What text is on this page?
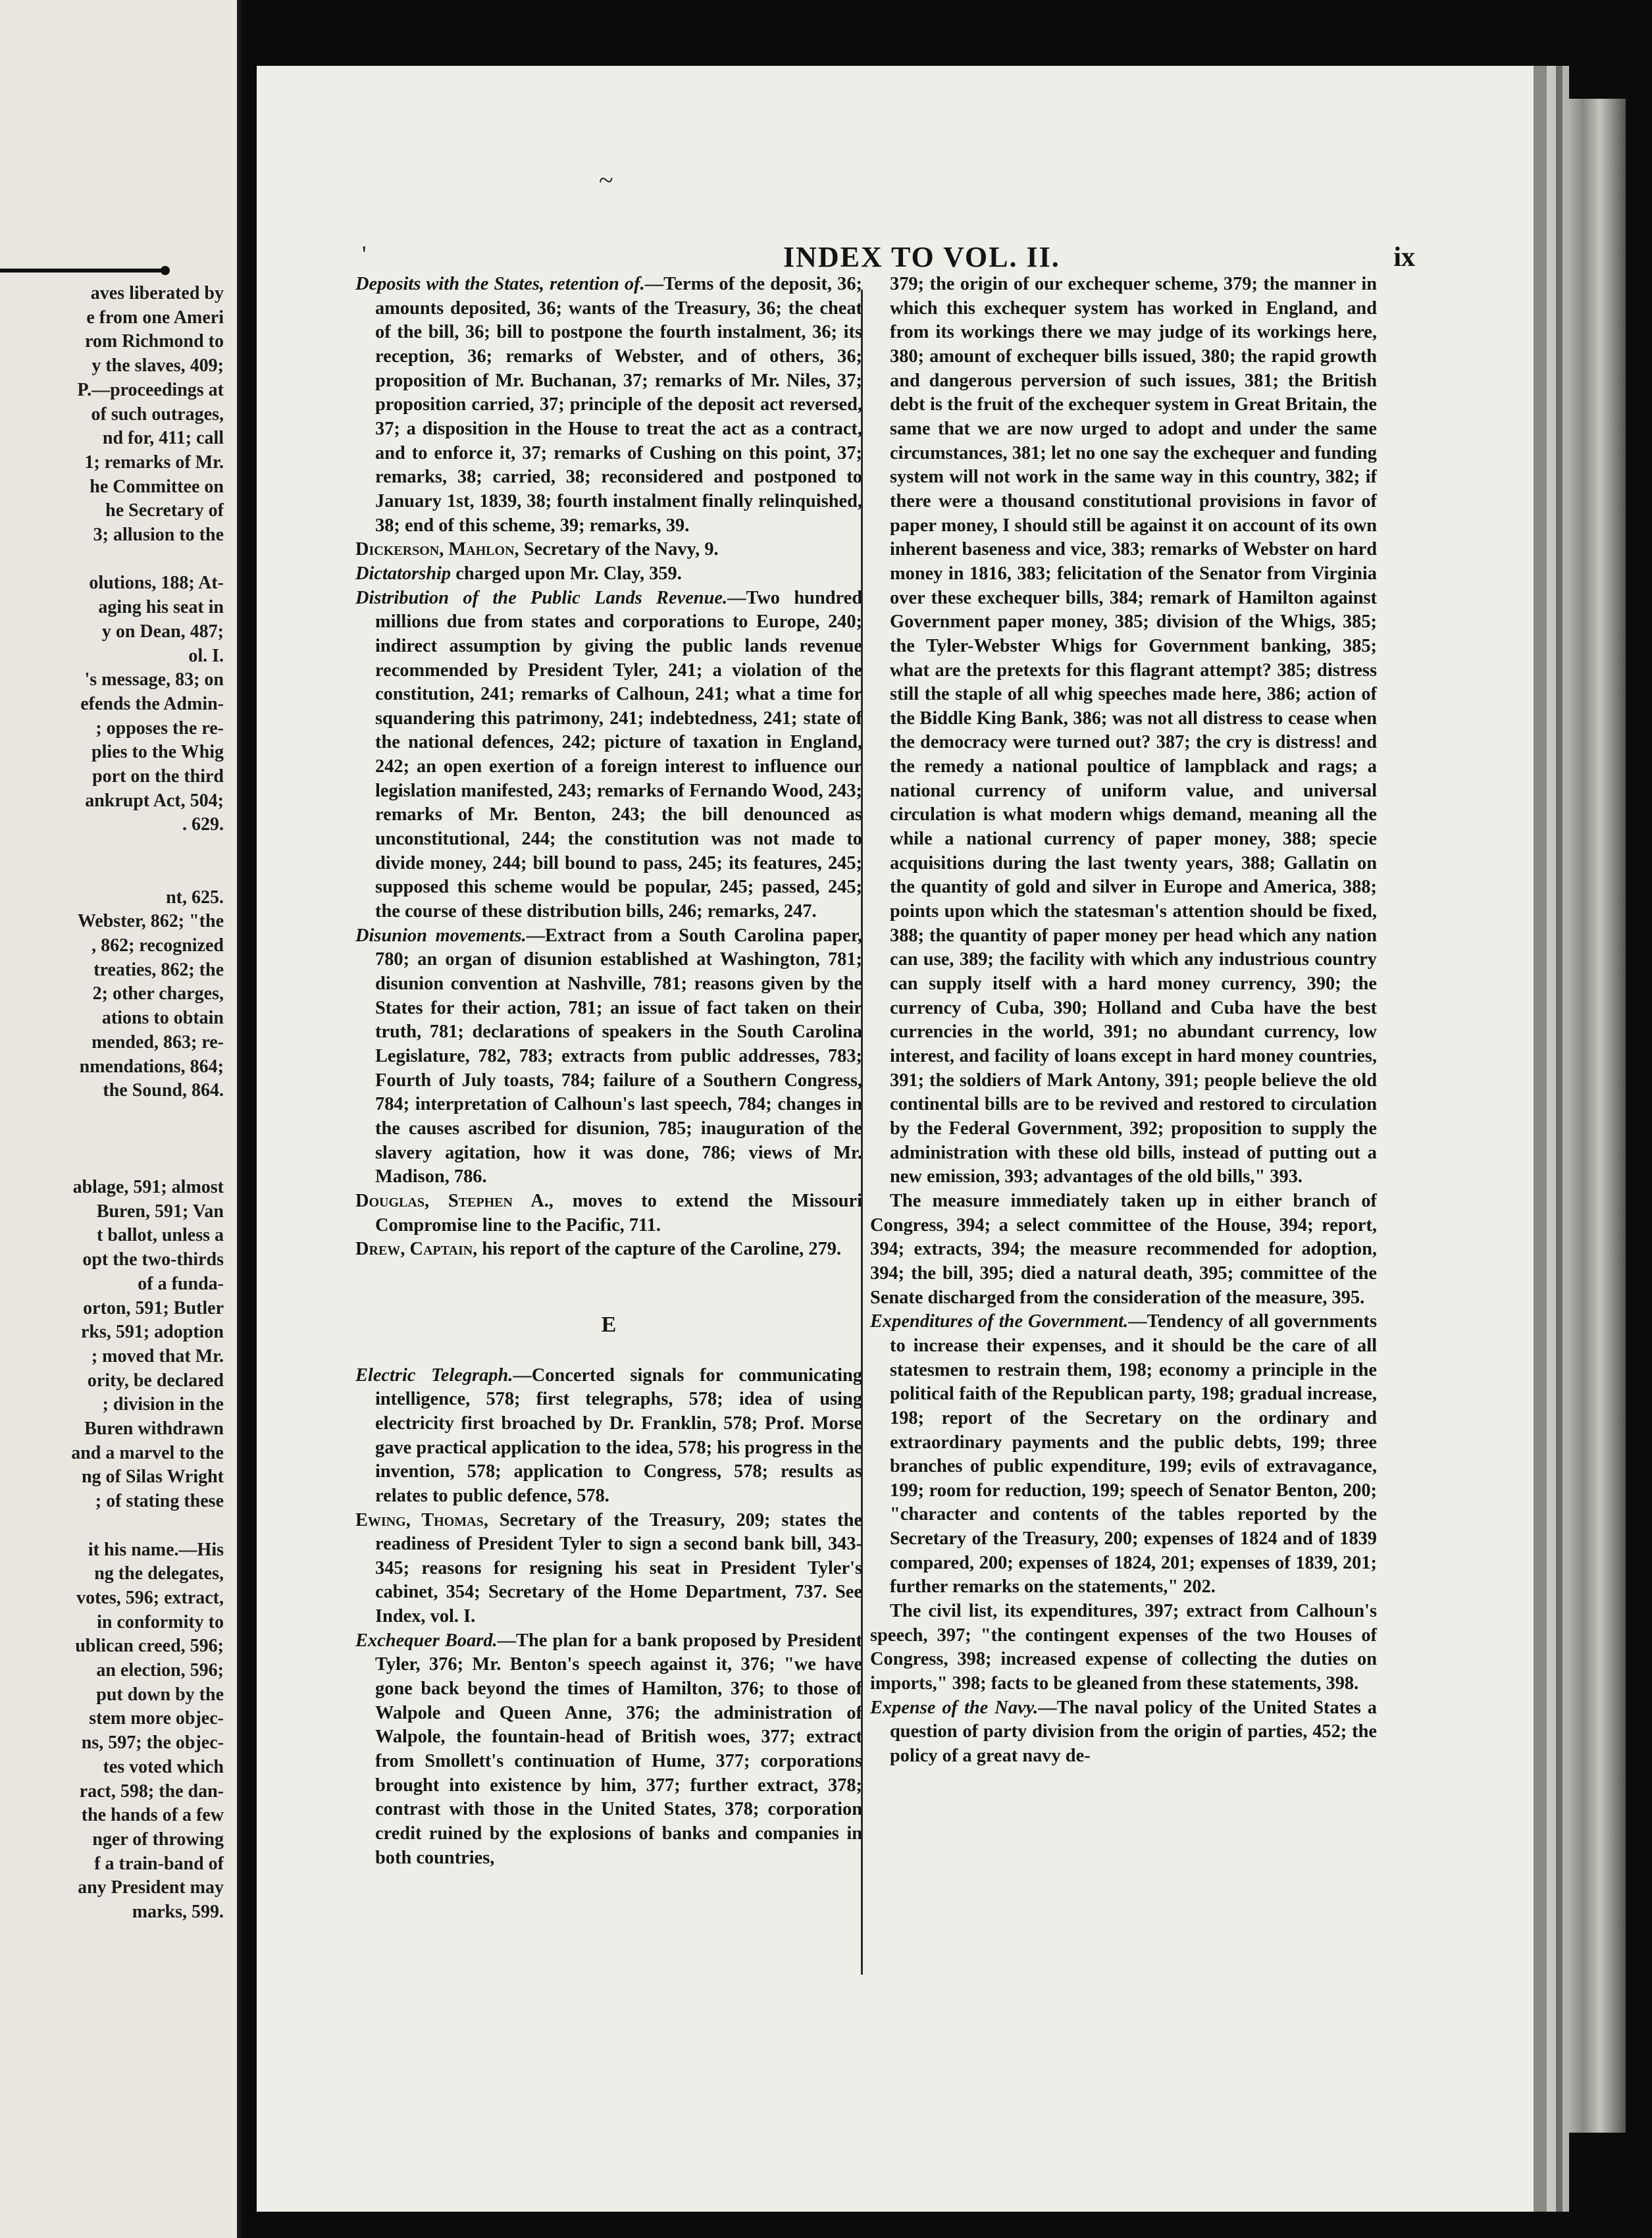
aves liberated by
e from one Ameri
rom Richmond to
y the slaves, 409;
P.—proceedings at
of such outrages,
nd for, 411; call
1; remarks of Mr.
he Committee on
he Secretary of
3; allusion to the

olutions, 188; At-
aging his seat in
y on Dean, 487;
ol. I.
's message, 83; on
efends the Admin-
; opposes the re-
plies to the Whig
port on the third
ankrupt Act, 504;
. 629.

nt, 625.
Webster, 862; "the
, 862; recognized
treaties, 862; the
2; other charges,
ations to obtain
mended, 863; re-
nmendations, 864;
the Sound, 864.

ablage, 591; almost
Buren, 591; Van
t ballot, unless a
opt the two-thirds
of a funda-
orton, 591; Butler
rks, 591; adoption
; moved that Mr.
ority, be declared
; division in the
Buren withdrawn
and a marvel to the
ng of Silas Wright
; of stating these

it his name.—His
ng the delegates,
votes, 596; extract,
in conformity to
ublican creed, 596;
an election, 596;
put down by the
stem more objec-
ns, 597; the objec-
tes voted which
ract, 598; the dan-
the hands of a few
nger of throwing
f a train-band of
any President may
marks, 599.
~
'	INDEX TO VOL. II.	ix

Deposits with the States, retention of.—Terms of the deposit, 36; amounts deposited, 36; wants of the Treasury, 36; the cheat of the bill, 36; bill to postpone the fourth instalment, 36; its reception, 36; remarks of Webster, and of others, 36; proposition of Mr. Buchanan, 37; remarks of Mr. Niles, 37; proposition carried, 37; principle of the deposit act reversed, 37; a disposition in the House to treat the act as a contract, and to enforce it, 37; remarks of Cushing on this point, 37; remarks, 38; carried, 38; reconsidered and postponed to January 1st, 1839, 38; fourth instalment finally relinquished, 38; end of this scheme, 39; remarks, 39.

Dickerson, Mahlon, Secretary of the Navy, 9.

Dictatorship charged upon Mr. Clay, 359.

Distribution of the Public Lands Revenue.—Two hundred millions due from states and corporations to Europe, 240; indirect assumption by giving the public lands revenue recommended by President Tyler, 241; a violation of the constitution, 241; remarks of Calhoun, 241; what a time for squandering this patrimony, 241; indebtedness, 241; state of the national defences, 242; picture of taxation in England, 242; an open exertion of a foreign interest to influence our legislation manifested, 243; remarks of Fernando Wood, 243; remarks of Mr. Benton, 243; the bill denounced as unconstitutional, 244; the constitution was not made to divide money, 244; bill bound to pass, 245; its features, 245; supposed this scheme would be popular, 245; passed, 245; the course of these distribution bills, 246; remarks, 247.

Disunion movements.—Extract from a South Carolina paper, 780; an organ of disunion established at Washington, 781; disunion convention at Nashville, 781; reasons given by the States for their action, 781; an issue of fact taken on their truth, 781; declarations of speakers in the South Carolina Legislature, 782, 783; extracts from public addresses, 783; Fourth of July toasts, 784; failure of a Southern Congress, 784; interpretation of Calhoun's last speech, 784; changes in the causes ascribed for disunion, 785; inauguration of the slavery agitation, how it was done, 786; views of Mr. Madison, 786.

Douglas, Stephen A., moves to extend the Missouri Compromise line to the Pacific, 711.

Drew, Captain, his report of the capture of the Caroline, 279.

E

Electric Telegraph.—Concerted signals for communicating intelligence, 578; first telegraphs, 578; idea of using electricity first broached by Dr. Franklin, 578; Prof. Morse gave practical application to the idea, 578; his progress in the invention, 578; application to Congress, 578; results as relates to public defence, 578.

Ewing, Thomas, Secretary of the Treasury, 209; states the readiness of President Tyler to sign a second bank bill, 343-345; reasons for resigning his seat in President Tyler's cabinet, 354; Secretary of the Home Department, 737. See Index, vol. I.

Exchequer Board.—The plan for a bank proposed by President Tyler, 376; Mr. Benton's speech against it, 376; "we have gone back beyond the times of Hamilton, 376; to those of Walpole and Queen Anne, 376; the administration of Walpole, the fountain-head of British woes, 377; extract from Smollett's continuation of Hume, 377; corporations brought into existence by him, 377; further extract, 378; contrast with those in the United States, 378; corporation credit ruined by the explosions of banks and companies in both countries,

379; the origin of our exchequer scheme, 379; the manner in which this exchequer system has worked in England, and from its workings there we may judge of its workings here, 380; amount of exchequer bills issued, 380; the rapid growth and dangerous perversion of such issues, 381; the British debt is the fruit of the exchequer system in Great Britain, the same that we are now urged to adopt and under the same circumstances, 381; let no one say the exchequer and funding system will not work in the same way in this country, 382; if there were a thousand constitutional provisions in favor of paper money, I should still be against it on account of its own inherent baseness and vice, 383; remarks of Webster on hard money in 1816, 383; felicitation of the Senator from Virginia over these exchequer bills, 384; remark of Hamilton against Government paper money, 385; division of the Whigs, 385; the Tyler-Webster Whigs for Government banking, 385; what are the pretexts for this flagrant attempt? 385; distress still the staple of all whig speeches made here, 386; action of the Biddle King Bank, 386; was not all distress to cease when the democracy were turned out? 387; the cry is distress! and the remedy a national poultice of lampblack and rags; a national currency of uniform value, and universal circulation is what modern whigs demand, meaning all the while a national currency of paper money, 388; specie acquisitions during the last twenty years, 388; Gallatin on the quantity of gold and silver in Europe and America, 388; points upon which the statesman's attention should be fixed, 388; the quantity of paper money per head which any nation can use, 389; the facility with which any industrious country can supply itself with a hard money currency, 390; the currency of Cuba, 390; Holland and Cuba have the best currencies in the world, 391; no abundant currency, low interest, and facility of loans except in hard money countries, 391; the soldiers of Mark Antony, 391; people believe the old continental bills are to be revived and restored to circulation by the Federal Government, 392; proposition to supply the administration with these old bills, instead of putting out a new emission, 393; advantages of the old bills," 393.

The measure immediately taken up in either branch of Congress, 394; a select committee of the House, 394; report, 394; extracts, 394; the measure recommended for adoption, 394; the bill, 395; died a natural death, 395; committee of the Senate discharged from the consideration of the measure, 395.

Expenditures of the Government.—Tendency of all governments to increase their expenses, and it should be the care of all statesmen to restrain them, 198; economy a principle in the political faith of the Republican party, 198; gradual increase, 198; report of the Secretary on the ordinary and extraordinary payments and the public debts, 199; three branches of public expenditure, 199; evils of extravagance, 199; room for reduction, 199; speech of Senator Benton, 200; "character and contents of the tables reported by the Secretary of the Treasury, 200; expenses of 1824 and of 1839 compared, 200; expenses of 1824, 201; expenses of 1839, 201; further remarks on the statements," 202.

The civil list, its expenditures, 397; extract from Calhoun's speech, 397; "the contingent expenses of the two Houses of Congress, 398; increased expense of collecting the duties on imports," 398; facts to be gleaned from these statements, 398.

Expense of the Navy.—The naval policy of the United States a question of party division from the origin of parties, 452; the policy of a great navy de-
